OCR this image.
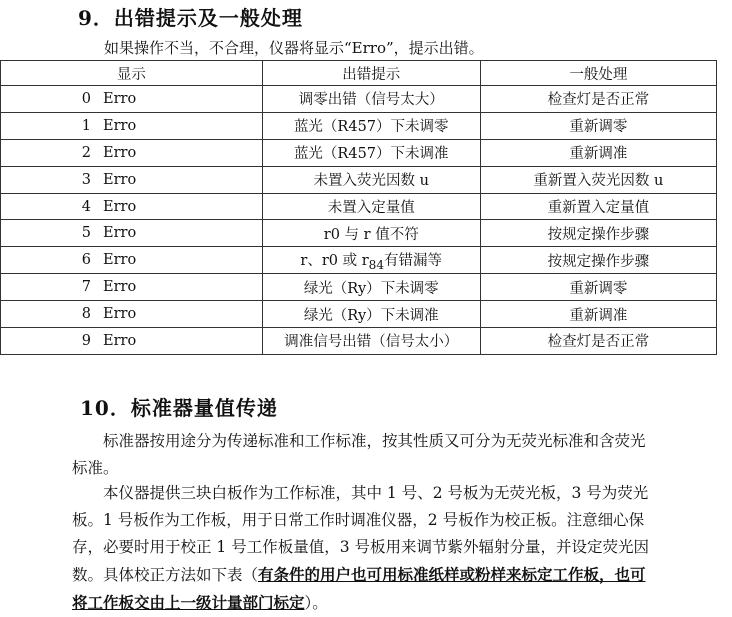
9．出错提示及一般处理
如果操作不当，不合理，仪器将显示“Erro”，提示出错。
显示	出错提示	一般处理
0 Erro	调零出错（信号太大）	检查灯是否正常
1 Erro	蓝光（R457）下未调零	重新调零
2 Erro	蓝光（R457）下未调准	重新调准
3 Erro	未置入荧光因数 u	重新置入荧光因数 u
4 Erro	未置入定量值	重新置入定量值
5 Erro	r0 与 r 值不符	按规定操作步骤
6 Erro	r、r0 或 $r_{84}$有错漏等	按规定操作步骤
7 Erro	绿光（Ry）下未调零	重新调零
8 Erro	绿光（Ry）下未调准	重新调准
9 Erro	调准信号出错（信号太小）	检查灯是否正常
10．标准器量值传递
标准器按用途分为传递标准和工作标准，按其性质又可分为无荧光标准和含荧光标准。
本仪器提供三块白板作为工作标准，其中 1 号、2 号板为无荧光板，3 号为荧光板。1 号板作为工作板，用于日常工作时调准仪器，2 号板作为校正板。注意细心保存，必要时用于校正 1 号工作板量值，3 号板用来调节紫外辐射分量，并设定荧光因数。具体校正方法如下表（有条件的用户也可用标准纸样或粉样来标定工作板，也可将工作板交由上一级计量部门标定）。
